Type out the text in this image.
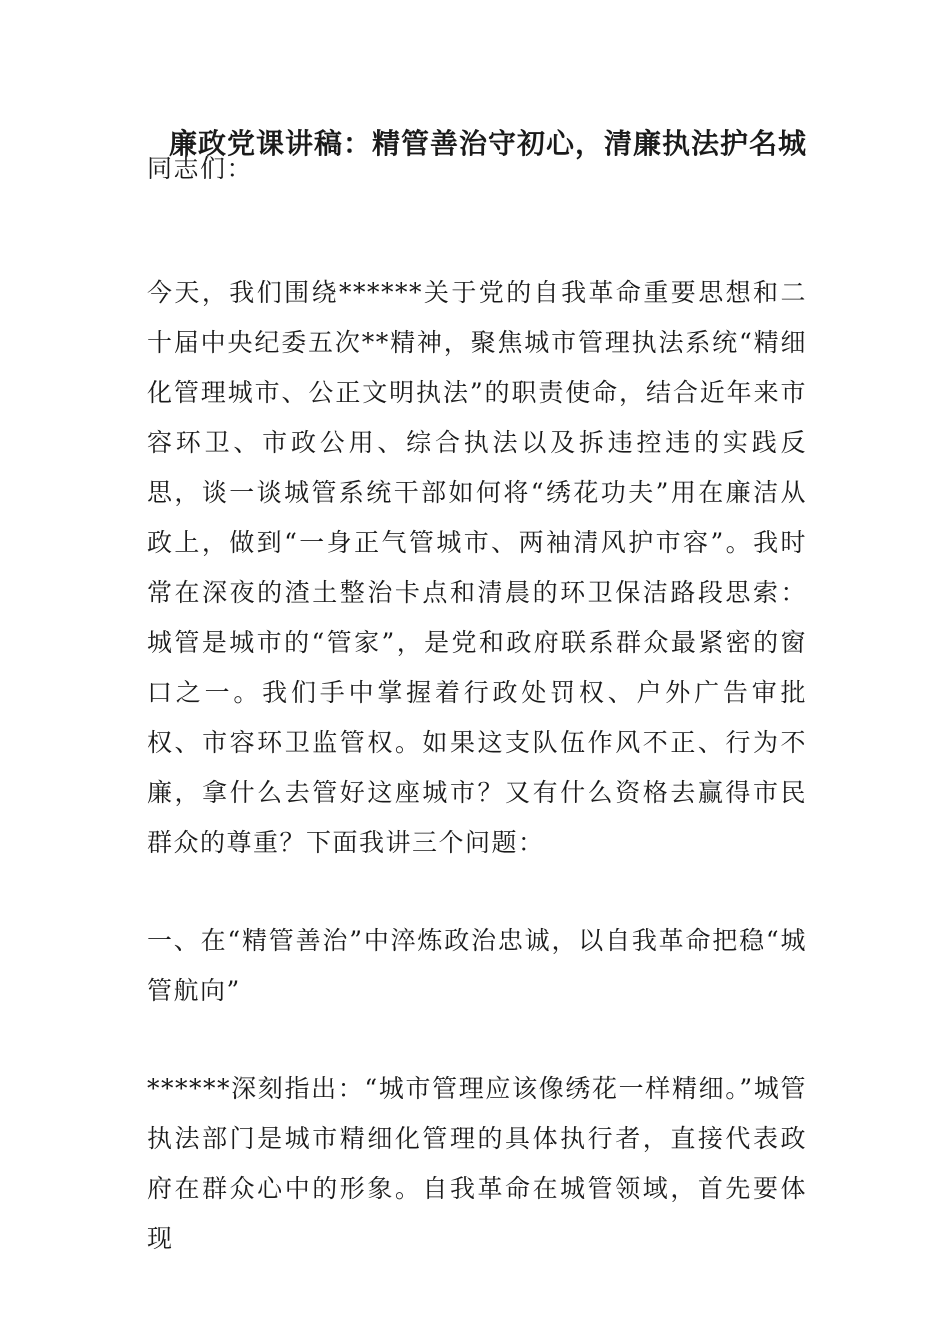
廉政党课讲稿：精管善治守初心，清廉执法护名城

同志们：

今天，我们围绕******关于党的自我革命重要思想和二十届中央纪委五次**精神，聚焦城市管理执法系统“精细化管理城市、公正文明执法”的职责使命，结合近年来市容环卫、市政公用、综合执法以及拆违控违的实践反思，谈一谈城管系统干部如何将“绣花功夫”用在廉洁从政上，做到“一身正气管城市、两袖清风护市容”。我时常在深夜的渣土整治卡点和清晨的环卫保洁路段思索：城管是城市的“管家”，是党和政府联系群众最紧密的窗口之一。我们手中掌握着行政处罚权、户外广告审批权、市容环卫监管权。如果这支队伍作风不正、行为不廉，拿什么去管好这座城市？又有什么资格去赢得市民群众的尊重？下面我讲三个问题：

一、在“精管善治”中淬炼政治忠诚，以自我革命把稳“城管航向”

******深刻指出：“城市管理应该像绣花一样精细。”城管执法部门是城市精细化管理的具体执行者，直接代表政府在群众心中的形象。自我革命在城管领域，首先要体现
